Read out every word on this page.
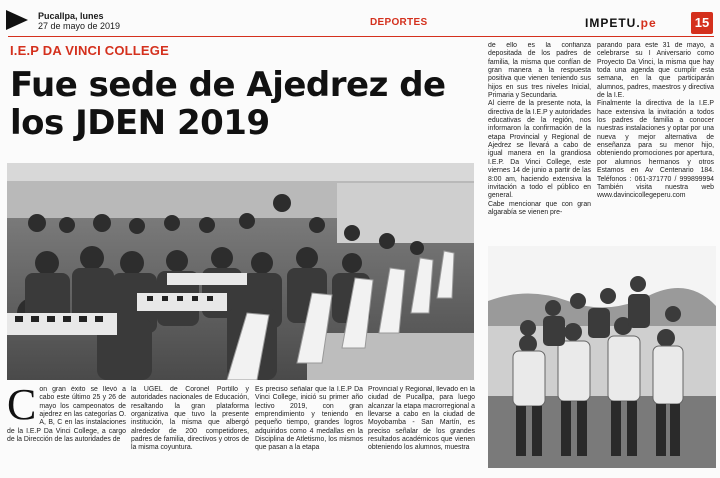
Pucallpa, lunes
27 de mayo de 2019	DEPORTES	IMPETU.pe	15
I.E.P DA VINCI COLLEGE
Fue sede de Ajedrez de los JDEN 2019
Con gran éxito se llevó a cabo este último 25 y 26 de mayo los campeonatos de ajedrez en las categorías O. A, B, C en las instalaciones de la I.E.P Da Vinci College, a cargo de la Dirección de las autoridades de
la UGEL de Coronel Portillo y autoridades nacionales de Educación, resaltando la gran plataforma organizativa que tuvo la presente institución, la misma que albergó alrededor de 200 competidores, padres de familia, directivos y otros de la misma coyuntura.
Es preciso señalar que la I.E.P Da Vinci College, inició su primer año lectivo 2019, con gran emprendimiento y teniendo en pequeño tiempo, grandes logros adquiridos como 4 medallas en la Disciplina de Atletismo, los mismos que pasan a la etapa
Provincial y Regional, llevado en la ciudad de Pucallpa, para luego alcanzar la etapa macrorregional a llevarse a cabo en la ciudad de Moyobamba - San Martín, es preciso señalar de los grandes resultados académicos que vienen obteniendo los alumnos, muestra
de ello es la confianza depositada de los padres de familia, la misma que confían de gran manera a la respuesta positiva que vienen teniendo sus hijos en sus tres niveles Inicial, Primaria y Secundaria.
Al cierre de la presente nota, la directiva de la I.E.P y autoridades educativas de la región, nos informaron la confirmación de la etapa Provincial y Regional de Ajedrez se llevará a cabo de igual manera en la grandiosa I.E.P. Da Vinci College, este viernes 14 de junio a partir de las 8:00 am, haciendo extensiva la invitación a todo el público en general.
Cabe mencionar que con gran algarabía se vienen pre-
parando para este 31 de mayo, a celebrarse su I Aniversario como Proyecto Da Vinci, la misma que hay toda una agenda que cumplir esta semana, en la que participarán alumnos, padres, maestros y directiva de la I.E.
Finalmente la directiva de la I.E.P hace extensiva la invitación a todos los padres de familia a conocer nuestras instalaciones y optar por una nueva y mejor alternativa de enseñanza para su menor hijo, obteniendo promociones por apertura, por alumnos hermanos y otros Estamos en Av Centenario 184. Teléfonos : 061-371770 / 999899994 También visita nuestra web www.davincicollegeperu.com
